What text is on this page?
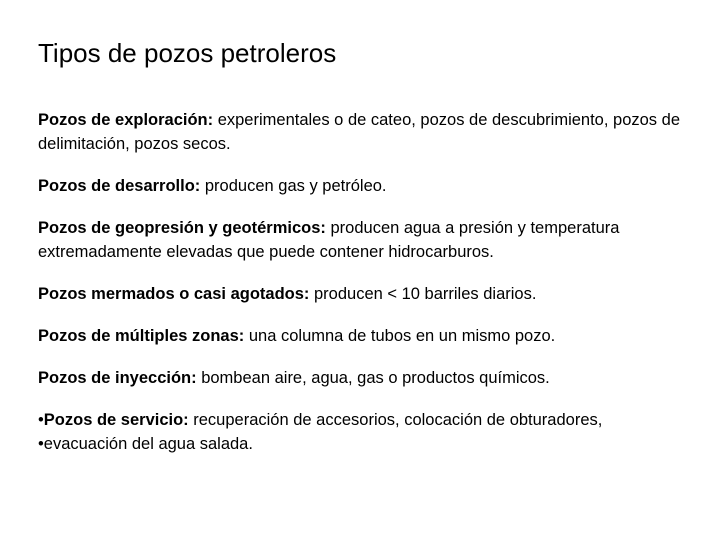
Tipos de pozos petroleros

Pozos de exploración: experimentales o de cateo, pozos de descubrimiento, pozos de delimitación, pozos secos.

Pozos de desarrollo: producen gas y petróleo.

Pozos de geopresión y geotérmicos: producen agua a presión y temperatura extremadamente elevadas que puede contener hidrocarburos.

Pozos mermados o casi agotados: producen < 10 barriles diarios.

Pozos de múltiples zonas: una columna de tubos en un mismo pozo.

Pozos de inyección: bombean aire, agua, gas o productos químicos.

•Pozos de servicio: recuperación de accesorios, colocación de obturadores,
•evacuación del agua salada.
